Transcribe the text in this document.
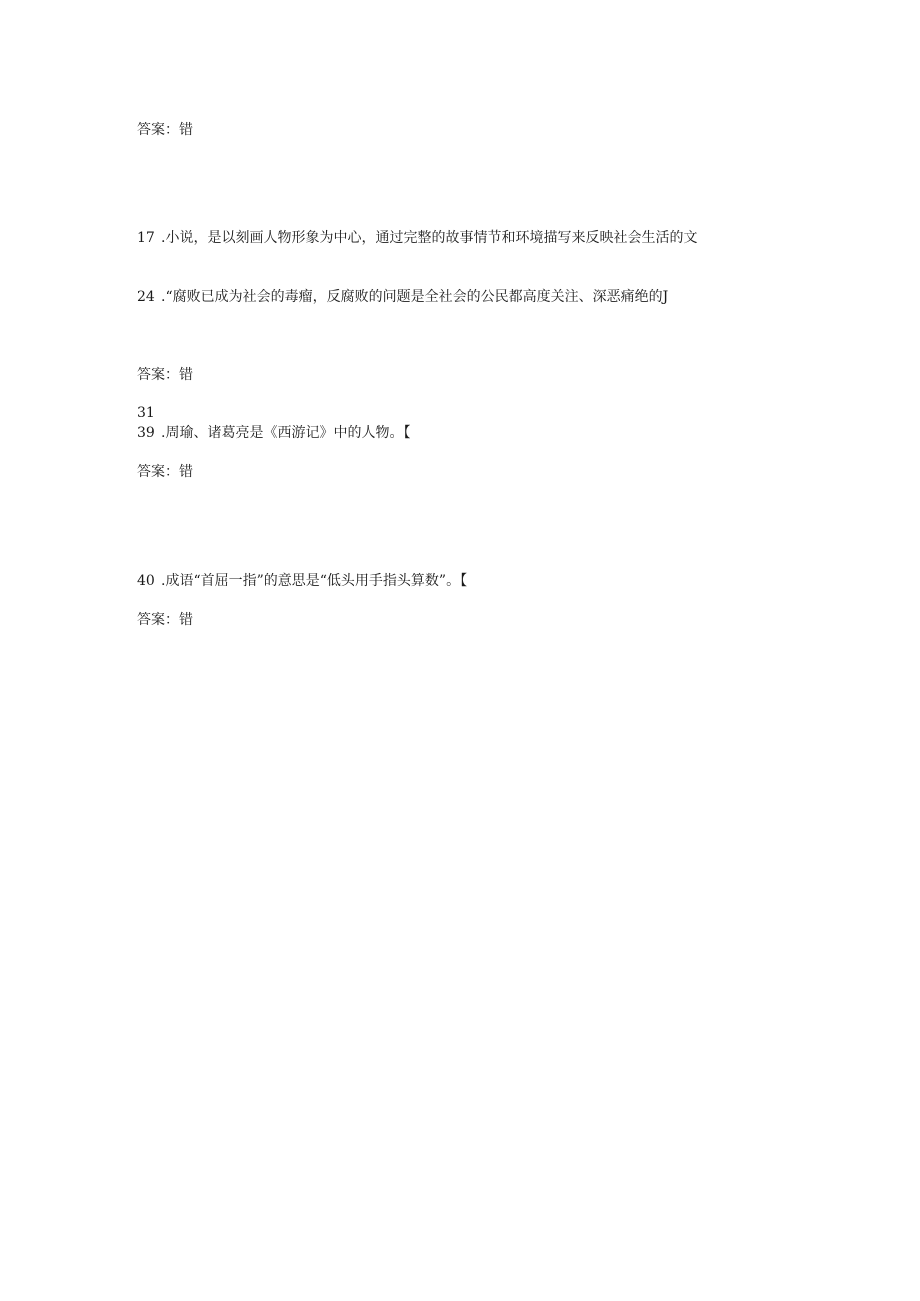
答案：错
17 .小说，是以刻画人物形象为中心，通过完整的故事情节和环境描写来反映社会生活的文
24 .“腐败已成为社会的毒瘤，反腐败的问题是全社会的公民都高度关注、深恶痛绝的J
答案：错
31
39 .周瑜、诸葛亮是《西游记》中的人物。【
答案：错
40 .成语“首屈一指”的意思是“低头用手指头算数”。【
答案：错
